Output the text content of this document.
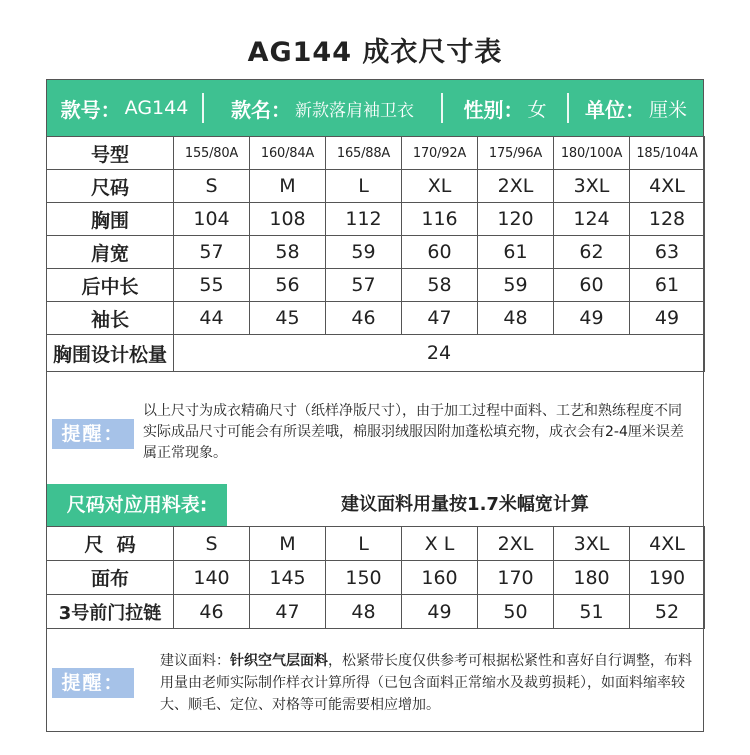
AG144 成衣尺寸表
款号： AG144 款名： 新款落肩袖卫衣 性别： 女 单位： 厘米
号型	155/80A	160/84A	165/88A	170/92A	175/96A	180/100A	185/104A
尺码	S	M	L	XL	2XL	3XL	4XL
胸围	104	108	112	116	120	124	128
肩宽	57	58	59	60	61	62	63
后中长	55	56	57	58	59	60	61
袖长	44	45	46	47	48	49	49
胸围设计松量	24						
提醒：
以上尺寸为成衣精确尺寸（纸样净版尺寸），由于加工过程中面料、工艺和熟练程度不同实际成品尺寸可能会有所误差哦，棉服羽绒服因附加蓬松填充物，成衣会有2-4厘米误差属正常现象。
尺码对应用料表:	建议面料用量按1.7米幅宽计算
尺  码	S	M	L	X L	2XL	3XL	4XL
面布	140	145	150	160	170	180	190
3号前门拉链	46	47	48	49	50	51	52
提醒：
建议面料：针织空气层面料，松紧带长度仅供参考可根据松紧性和喜好自行调整，布料用量由老师实际制作样衣计算所得（已包含面料正常缩水及裁剪损耗），如面料缩率较大、顺毛、定位、对格等可能需要相应增加。
